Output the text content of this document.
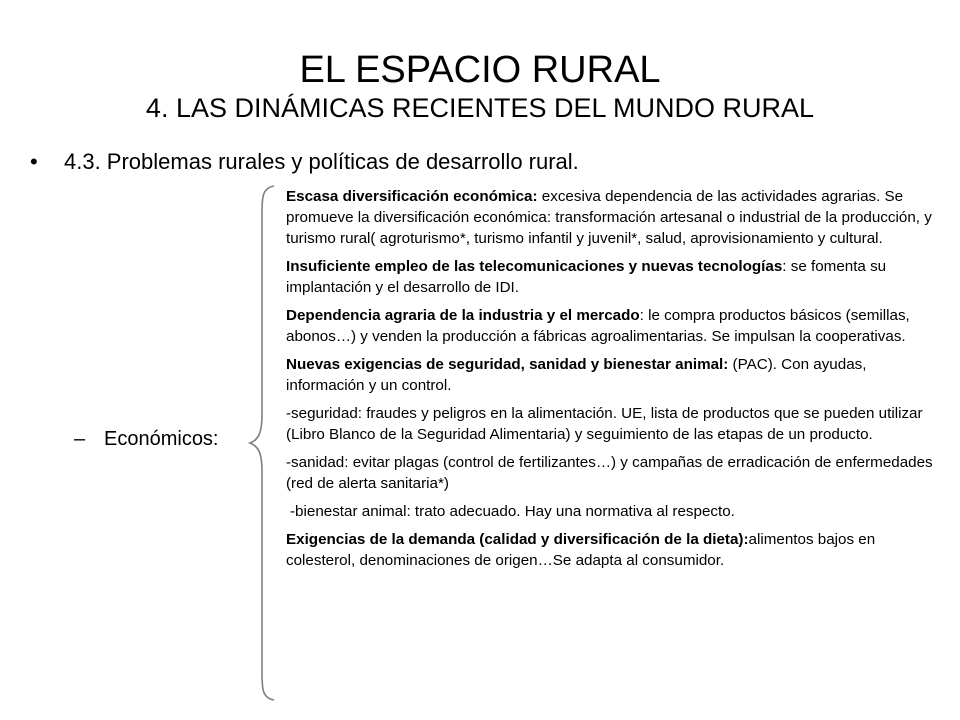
EL ESPACIO RURAL
4. LAS DINÁMICAS RECIENTES DEL MUNDO RURAL
• 4.3. Problemas rurales y políticas de desarrollo rural.
– Económicos:

Escasa diversificación económica: excesiva dependencia de las actividades agrarias. Se promueve la diversificación económica: transformación artesanal o industrial de la producción, y turismo rural( agroturismo*, turismo infantil y juvenil*, salud, aprovisionamiento y cultural.

Insuficiente empleo de las telecomunicaciones y nuevas tecnologías: se fomenta su implantación y el desarrollo de IDI.

Dependencia agraria de la industria y el mercado: le compra productos básicos (semillas, abonos…) y venden la producción a fábricas agroalimentarias. Se impulsan la cooperativas.

Nuevas exigencias de seguridad, sanidad y bienestar animal: (PAC). Con ayudas, información y un control.

-seguridad: fraudes y peligros en la alimentación. UE, lista de productos que se pueden utilizar (Libro Blanco de la Seguridad Alimentaria) y seguimiento de las etapas de un producto.

-sanidad: evitar plagas (control de fertilizantes…) y campañas de erradicación de enfermedades (red de alerta sanitaria*)

-bienestar animal: trato adecuado. Hay una normativa al respecto.

Exigencias de la demanda (calidad y diversificación de la dieta):alimentos bajos en colesterol, denominaciones de origen…Se adapta al consumidor.
